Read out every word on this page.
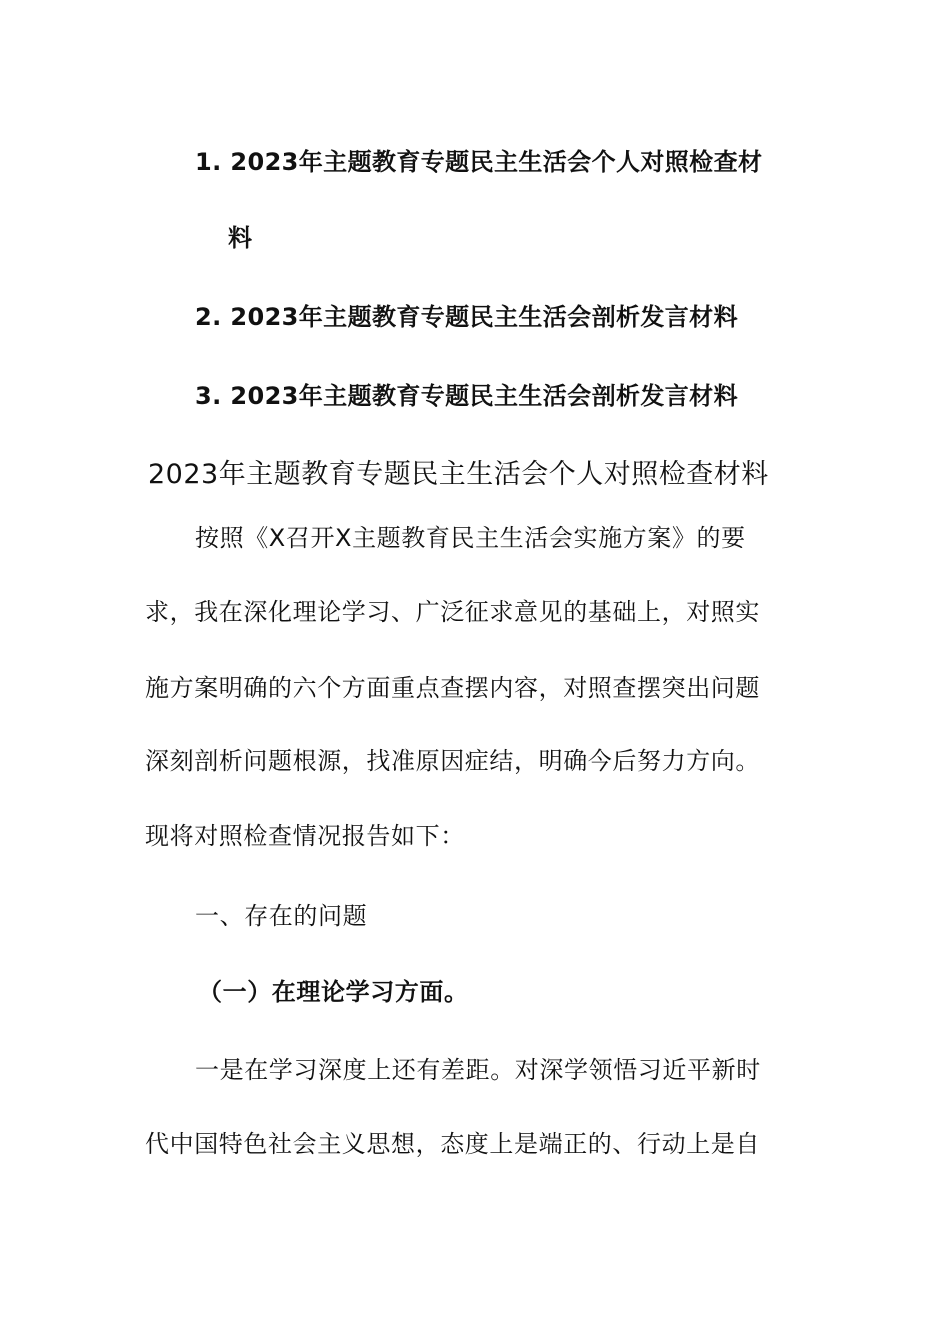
1. 2023年主题教育专题民主生活会个人对照检查材
料
2. 2023年主题教育专题民主生活会剖析发言材料
3. 2023年主题教育专题民主生活会剖析发言材料
2023年主题教育专题民主生活会个人对照检查材料
按照《X召开X主题教育民主生活会实施方案》的要
求，我在深化理论学习、广泛征求意见的基础上，对照实
施方案明确的六个方面重点查摆内容，对照查摆突出问题
深刻剖析问题根源，找准原因症结，明确今后努力方向。
现将对照检查情况报告如下：
一、存在的问题
（一）在理论学习方面。
一是在学习深度上还有差距。对深学领悟习近平新时
代中国特色社会主义思想，态度上是端正的、行动上是自
